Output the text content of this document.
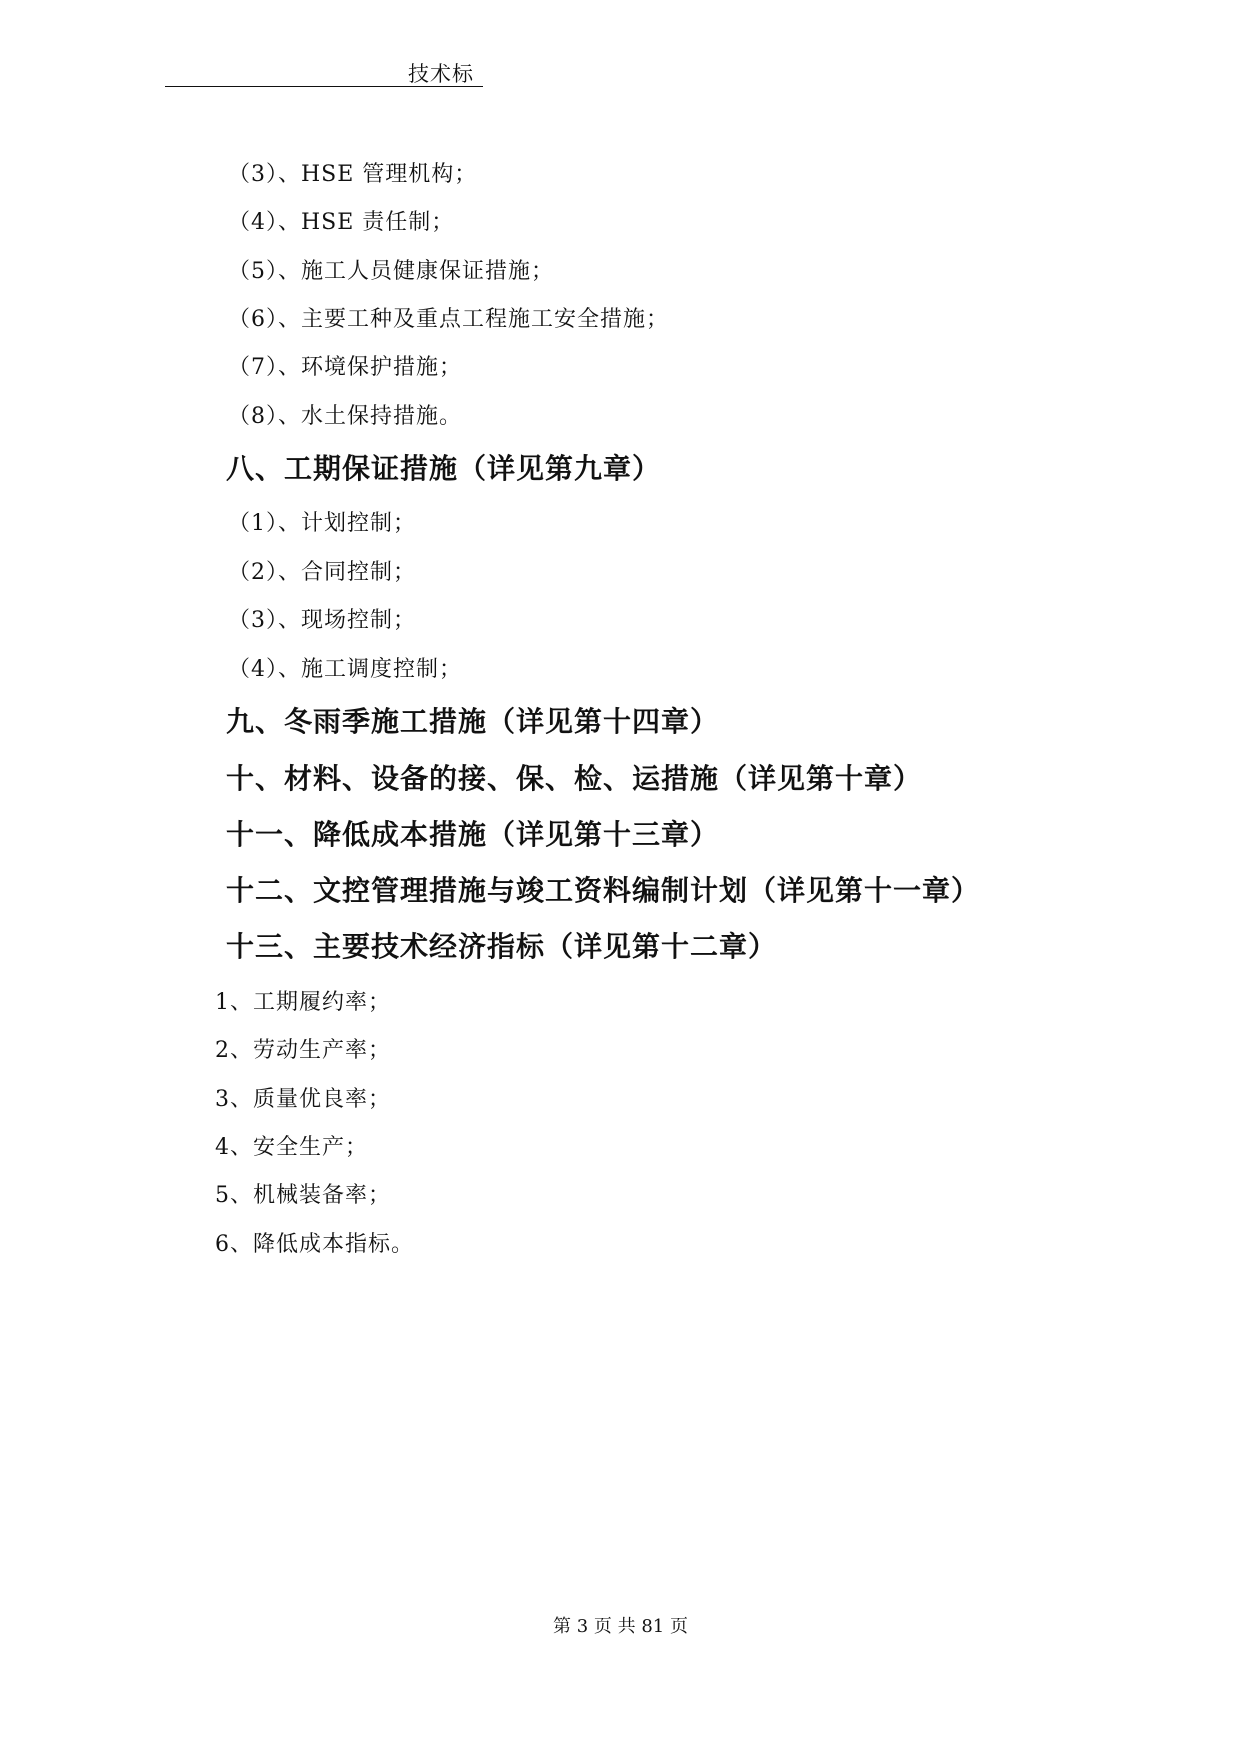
技术标
（3）、HSE 管理机构；
（4）、HSE 责任制；
（5）、施工人员健康保证措施；
（6）、主要工种及重点工程施工安全措施；
（7）、环境保护措施；
（8）、水土保持措施。
八、工期保证措施（详见第九章）
（1）、计划控制；
（2）、合同控制；
（3）、现场控制；
（4）、施工调度控制；
九、冬雨季施工措施（详见第十四章）
十、材料、设备的接、保、检、运措施（详见第十章）
十一、降低成本措施（详见第十三章）
十二、文控管理措施与竣工资料编制计划（详见第十一章）
十三、主要技术经济指标（详见第十二章）
1、工期履约率；
2、劳动生产率；
3、质量优良率；
4、安全生产；
5、机械装备率；
6、降低成本指标。
第 3 页 共 81 页
